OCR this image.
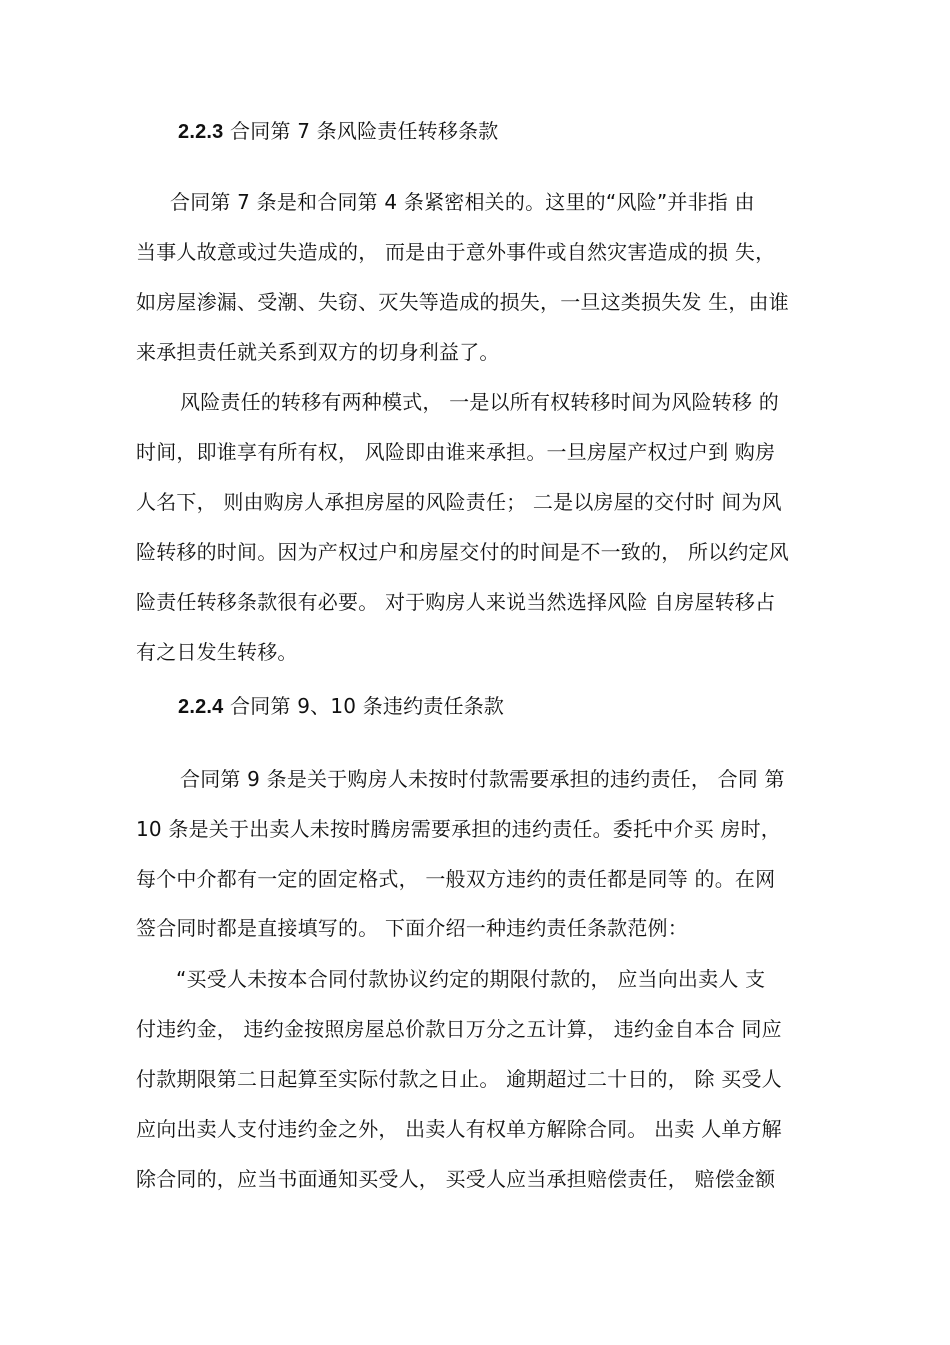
2.2.3 合同第 7 条风险责任转移条款
合同第 7 条是和合同第 4 条紧密相关的。这里的“风险”并非指 由
当事人故意或过失造成的， 而是由于意外事件或自然灾害造成的损 失，
如房屋渗漏、受潮、失窃、灭失等造成的损失，一旦这类损失发 生，由谁
来承担责任就关系到双方的切身利益了。
风险责任的转移有两种模式， 一是以所有权转移时间为风险转移 的
时间，即谁享有所有权， 风险即由谁来承担。一旦房屋产权过户到 购房
人名下， 则由购房人承担房屋的风险责任； 二是以房屋的交付时 间为风
险转移的时间。因为产权过户和房屋交付的时间是不一致的， 所以约定风
险责任转移条款很有必要。 对于购房人来说当然选择风险 自房屋转移占
有之日发生转移。
2.2.4 合同第 9、10 条违约责任条款
合同第 9 条是关于购房人未按时付款需要承担的违约责任， 合同 第
10 条是关于出卖人未按时腾房需要承担的违约责任。委托中介买 房时，
每个中介都有一定的固定格式， 一般双方违约的责任都是同等 的。在网
签合同时都是直接填写的。 下面介绍一种违约责任条款范例：
“买受人未按本合同付款协议约定的期限付款的， 应当向出卖人 支
付违约金， 违约金按照房屋总价款日万分之五计算， 违约金自本合 同应
付款期限第二日起算至实际付款之日止。 逾期超过二十日的， 除 买受人
应向出卖人支付违约金之外， 出卖人有权单方解除合同。 出卖 人单方解
除合同的，应当书面通知买受人， 买受人应当承担赔偿责任， 赔偿金额
